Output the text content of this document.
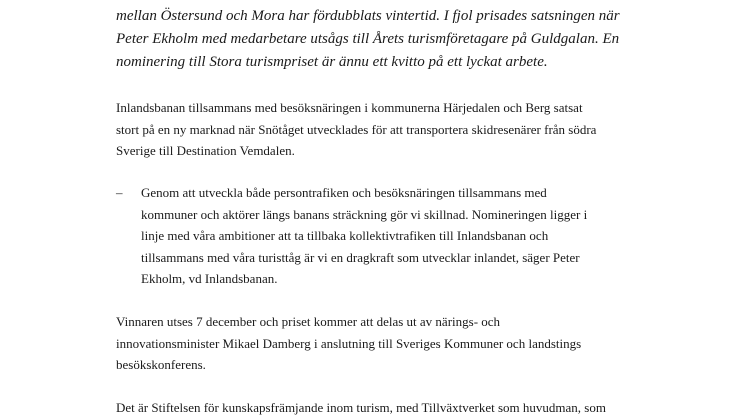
mellan Östersund och Mora har fördubblats vintertid. I fjol prisades satsningen när
Peter Ekholm med medarbetare utsågs till Årets turismföretagare på Guldgalan. En
nominering till Stora turismpriset är ännu ett kvitto på ett lyckat arbete.

Inlandsbanan tillsammans med besöksnäringen i kommunerna Härjedalen och Berg satsat
stort på en ny marknad när Snötåget utvecklades för att transportera skidresenärer från södra
Sverige till Destination Vemdalen.

– Genom att utveckla både persontrafiken och besöksnäringen tillsammans med
kommuner och aktörer längs banans sträckning gör vi skillnad. Nomineringen ligger i
linje med våra ambitioner att ta tillbaka kollektivtrafiken till Inlandsbanan och
tillsammans med våra turisttåg är vi en dragkraft som utvecklar inlandet, säger Peter
Ekholm, vd Inlandsbanan.

Vinnaren utses 7 december och priset kommer att delas ut av närings- och
innovationsminister Mikael Damberg i anslutning till Sveriges Kommuner och landstings
besökskonferens.

Det är Stiftelsen för kunskapsfrämjande inom turism, med Tillväxtverket som huvudman, som
